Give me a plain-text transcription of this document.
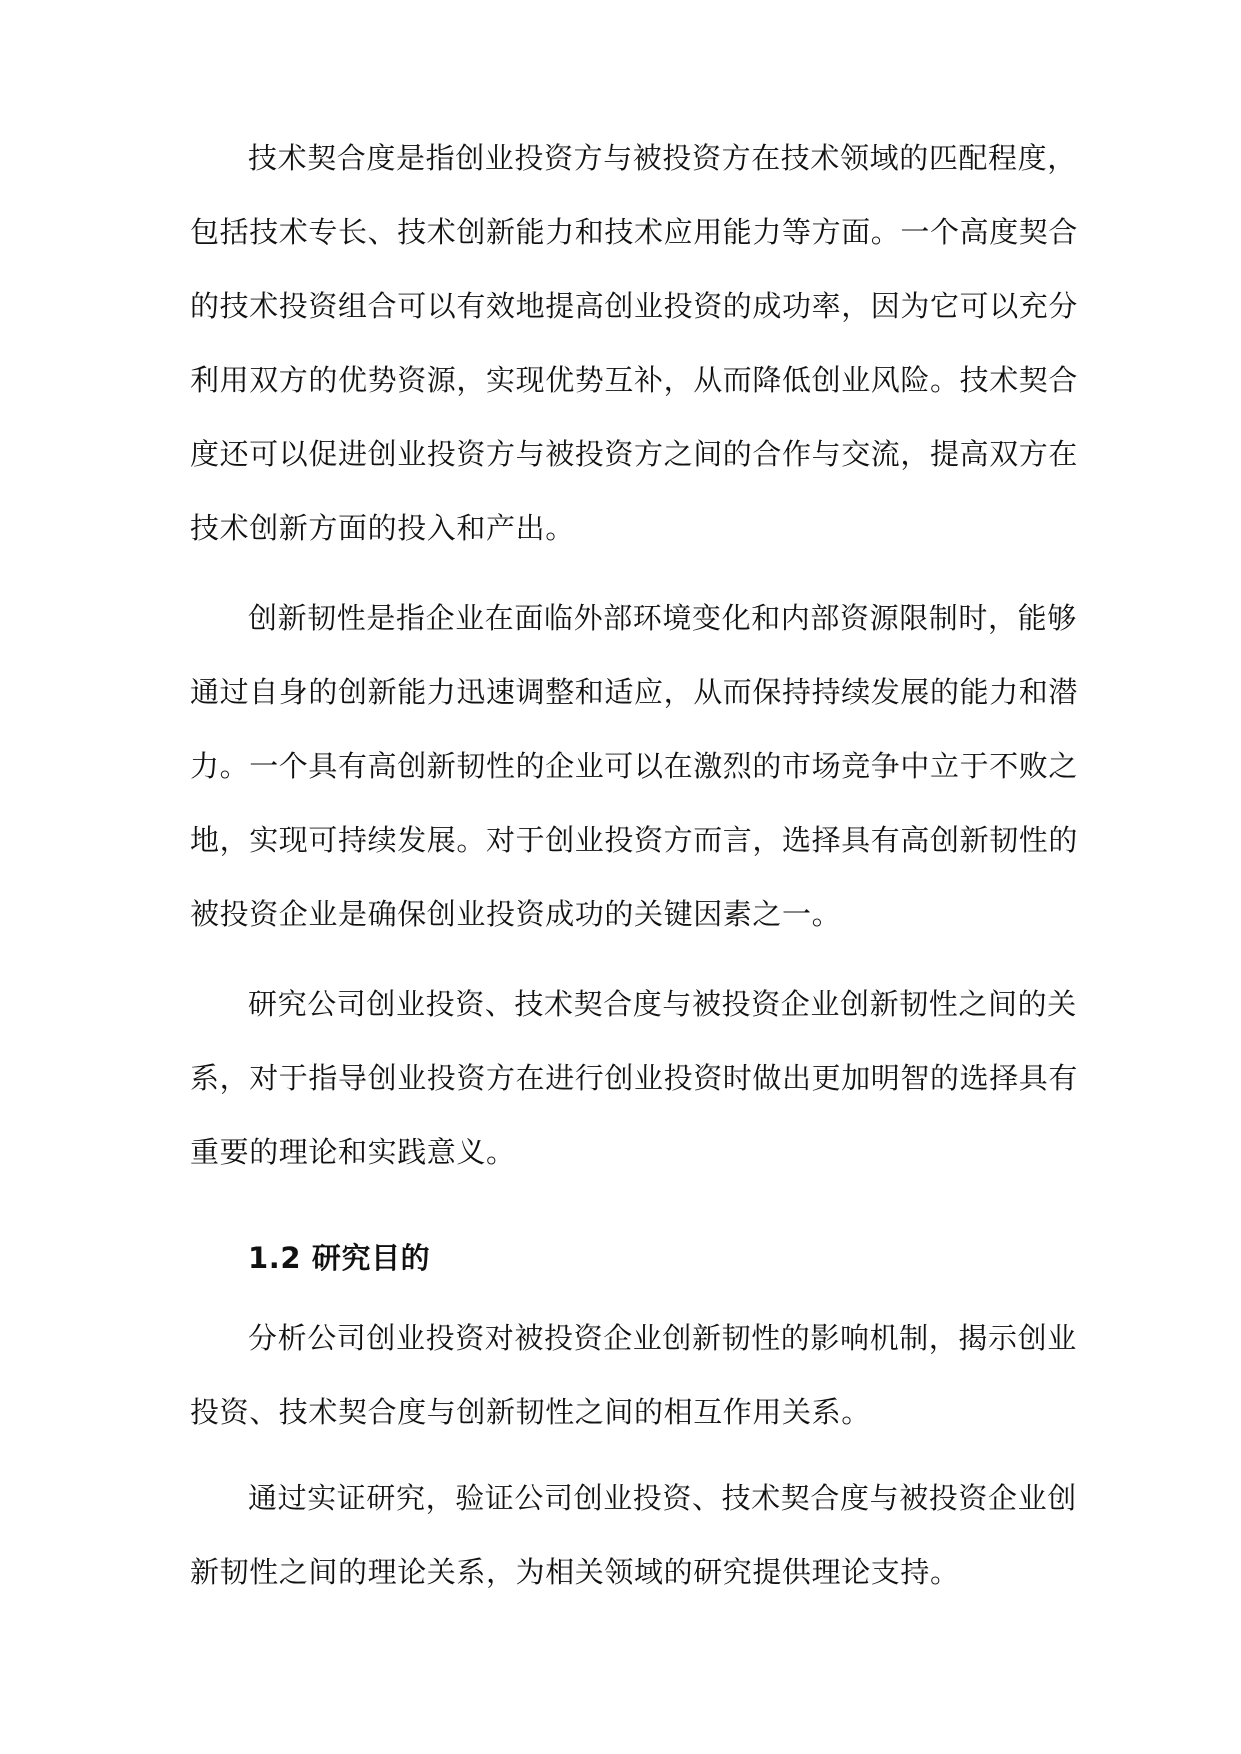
技术契合度是指创业投资方与被投资方在技术领域的匹配程度，
包括技术专长、技术创新能力和技术应用能力等方面。一个高度契合
的技术投资组合可以有效地提高创业投资的成功率，因为它可以充分
利用双方的优势资源，实现优势互补，从而降低创业风险。技术契合
度还可以促进创业投资方与被投资方之间的合作与交流，提高双方在
技术创新方面的投入和产出。
创新韧性是指企业在面临外部环境变化和内部资源限制时，能够
通过自身的创新能力迅速调整和适应，从而保持持续发展的能力和潜
力。一个具有高创新韧性的企业可以在激烈的市场竞争中立于不败之
地，实现可持续发展。对于创业投资方而言，选择具有高创新韧性的
被投资企业是确保创业投资成功的关键因素之一。
研究公司创业投资、技术契合度与被投资企业创新韧性之间的关
系，对于指导创业投资方在进行创业投资时做出更加明智的选择具有
重要的理论和实践意义。
1.2 研究目的
分析公司创业投资对被投资企业创新韧性的影响机制，揭示创业
投资、技术契合度与创新韧性之间的相互作用关系。
通过实证研究，验证公司创业投资、技术契合度与被投资企业创
新韧性之间的理论关系，为相关领域的研究提供理论支持。
